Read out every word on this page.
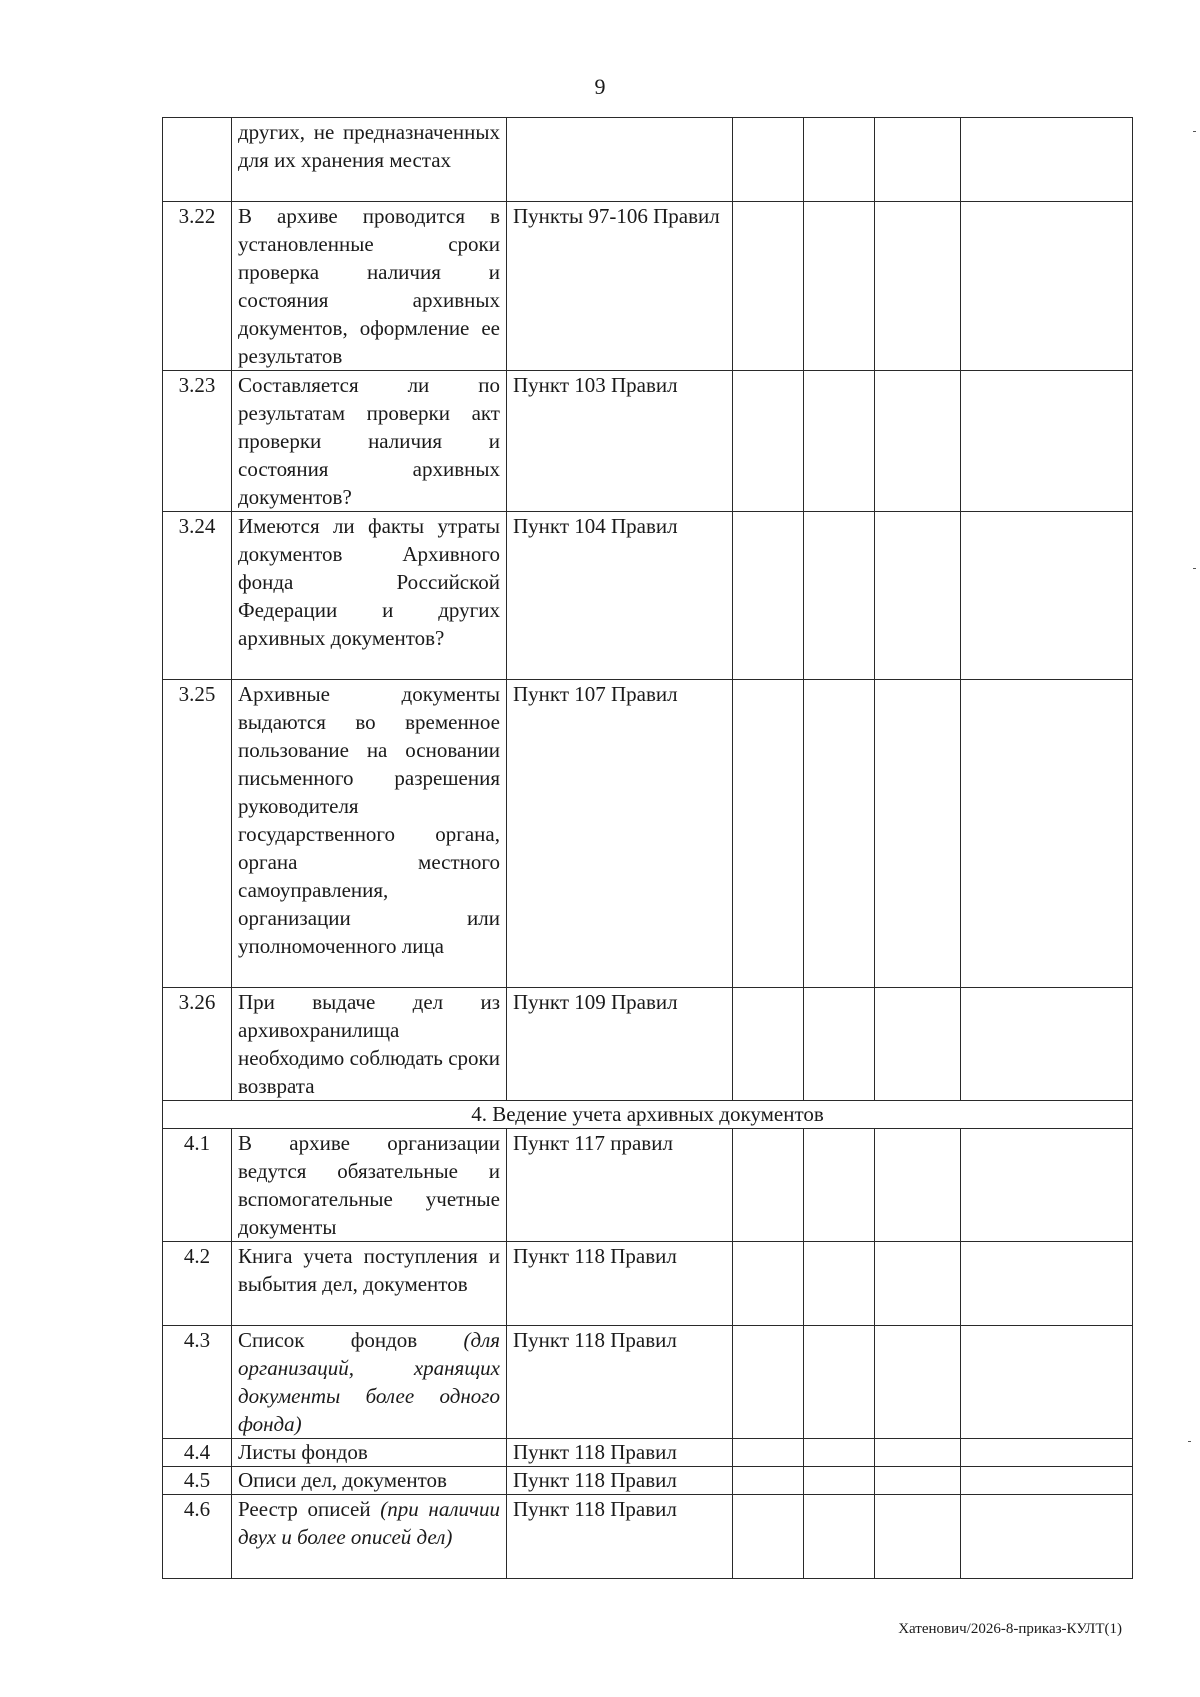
9
	других, не предназначенных для их хранения местах					
3.22	В архиве проводится в установленные сроки проверка наличия и состояния архивных документов, оформление ее результатов	Пункты 97-106 Правил				
3.23	Составляется ли по результатам проверки акт проверки наличия и состояния архивных документов?	Пункт 103 Правил				
3.24	Имеются ли факты утраты документов Архивного фонда Российской Федерации и других архивных документов?	Пункт 104 Правил				
3.25	Архивные документы выдаются во временное пользование на основании письменного разрешения руководителя государственного органа, органа местного самоуправления, организации или уполномоченного лица	Пункт 107 Правил				
3.26	При выдаче дел из архивохранилища необходимо соблюдать сроки возврата	Пункт 109 Правил				
4. Ведение учета архивных документов						
4.1	В архиве организации ведутся обязательные и вспомогательные учетные документы	Пункт 117 правил				
4.2	Книга учета поступления и выбытия дел, документов	Пункт 118 Правил				
4.3	Список фондов (для организаций, хранящих документы более одного фонда)	Пункт 118 Правил				
4.4	Листы фондов	Пункт 118 Правил				
4.5	Описи дел, документов	Пункт 118 Правил				
4.6	Реестр описей (при наличии двух и более описей дел)	Пункт 118 Правил				
Хатенович/2026-8-приказ-КУЛТ(1)
